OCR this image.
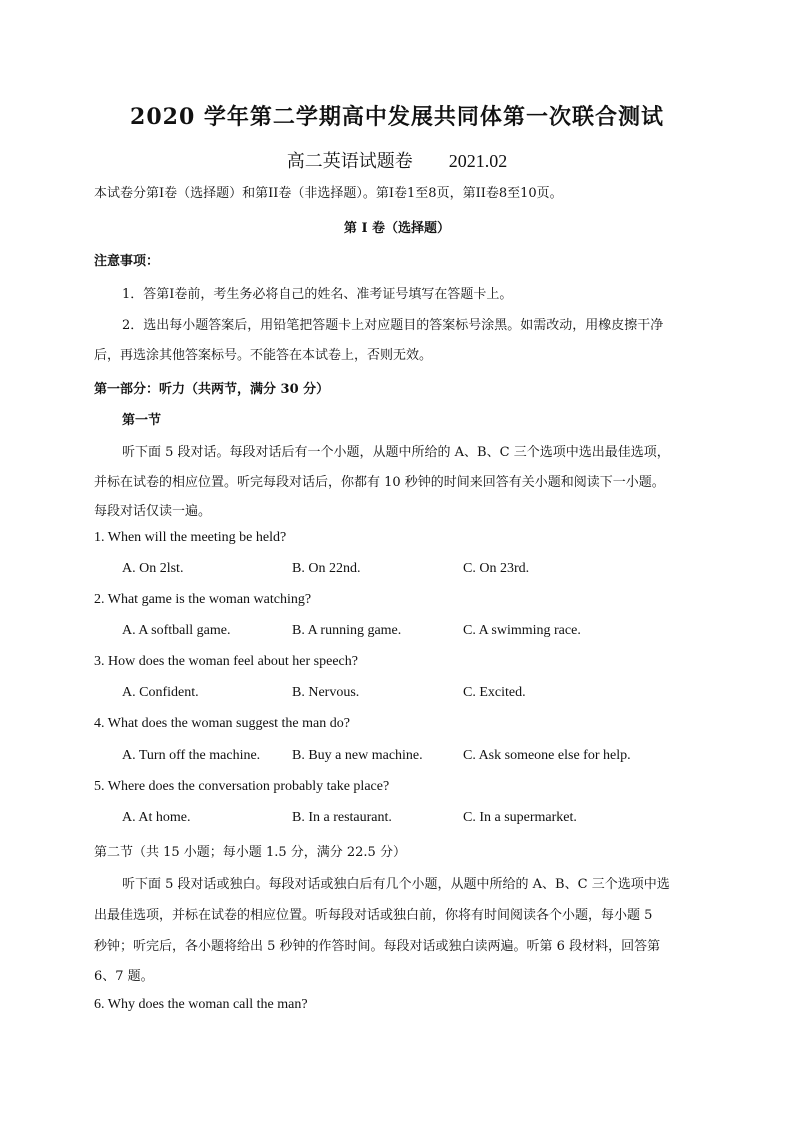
2020 学年第二学期高中发展共同体第一次联合测试
高二英语试题卷 2021.02
本试卷分第I卷（选择题）和第II卷（非选择题）。第I卷1至8页，第II卷8至10页。
第 I 卷（选择题）
注意事项：
1．答第I卷前，考生务必将自己的姓名、准考证号填写在答题卡上。
2．选出每小题答案后，用铅笔把答题卡上对应题目的答案标号涂黑。如需改动，用橡皮擦干净
后，再选涂其他答案标号。不能答在本试卷上，否则无效。
第一部分：听力（共两节，满分 30 分）
第一节
听下面 5 段对话。每段对话后有一个小题，从题中所给的 A、B、C 三个选项中选出最佳选项，
并标在试卷的相应位置。听完每段对话后，你都有 10 秒钟的时间来回答有关小题和阅读下一小题。
每段对话仅读一遍。
1. When will the meeting be held?
A. On 2lst.	B. On 22nd.	C. On 23rd.
2. What game is the woman watching?
A. A softball game.	B. A running game.	C. A swimming race.
3. How does the woman feel about her speech?
A. Confident.	B. Nervous.	C. Excited.
4. What does the woman suggest the man do?
A. Turn off the machine. B. Buy a new machine.	C. Ask someone else for help.
5. Where does the conversation probably take place?
A. At home.	B. In a restaurant.	C. In a supermarket.
第二节（共 15 小题；每小题 1.5 分，满分 22.5 分）
听下面 5 段对话或独白。每段对话或独白后有几个小题，从题中所给的 A、B、C 三个选项中选
出最佳选项，并标在试卷的相应位置。听每段对话或独白前，你将有时间阅读各个小题，每小题 5
秒钟；听完后，各小题将给出 5 秒钟的作答时间。每段对话或独白读两遍。听第 6 段材料，回答第
6、7 题。
6. Why does the woman call the man?
